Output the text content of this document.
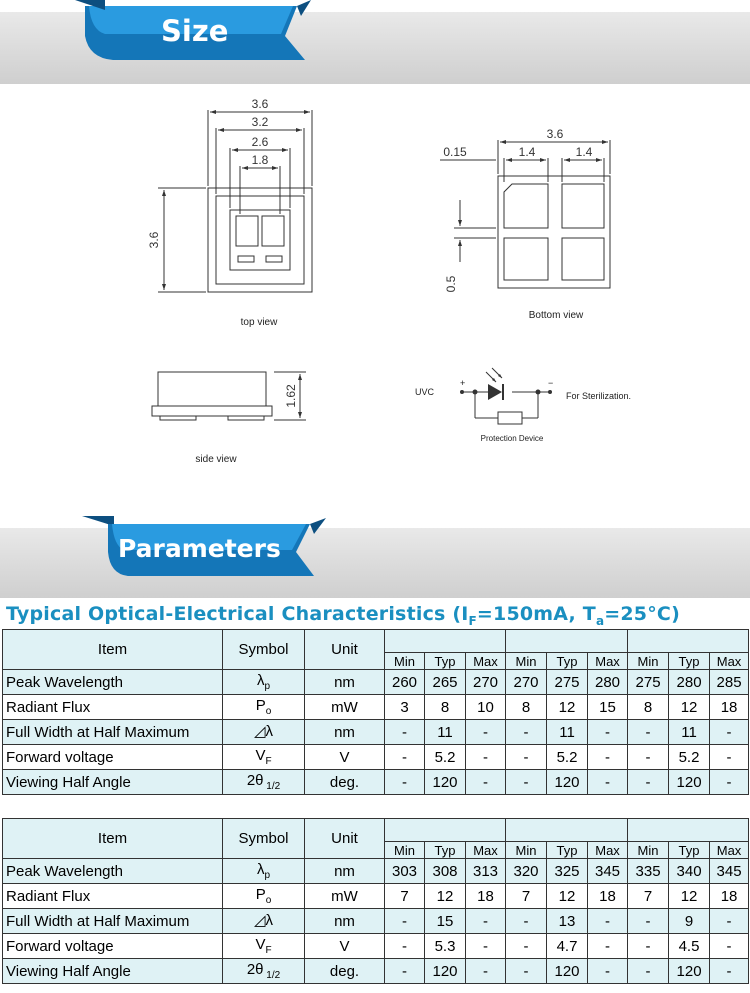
Size
3.6
3.2
2.6
1.8
3.6
3.6
0.15	1.4	1.4
0.5
1.62
top view
Bottom view
side view
UVC
+	−
For Sterilization.
Protection Device
Parameters
Typical Optical-Electrical Characteristics ($I_F=150mA$, $T_a=25^\circ C$)
Item	Symbol	Unit									
			Min	Typ	Max	Min	Typ	Max	Min	Typ	Max
Peak Wavelength	$\lambda_p$	nm	260	265	270	270	275	280	275	280	285
Radiant Flux	$P_o$	mW	3	8	10	8	12	15	8	12	18
Full Width at Half Maximum	◿λ	nm	-	11	-	-	11	-	-	11	-
Forward voltage	$V_F$	V	-	5.2	-	-	5.2	-	-	5.2	-
Viewing Half Angle	2θ $_{1/2}$	deg.	-	120	-	-	120	-	-	120	-
Item	Symbol	Unit									
			Min	Typ	Max	Min	Typ	Max	Min	Typ	Max
Peak Wavelength	$\lambda_p$	nm	303	308	313	320	325	345	335	340	345
Radiant Flux	$P_o$	mW	7	12	18	7	12	18	7	12	18
Full Width at Half Maximum	◿λ	nm	-	15	-	-	13	-	-	9	-
Forward voltage	$V_F$	V	-	5.3	-	-	4.7	-	-	4.5	-
Viewing Half Angle	2θ $_{1/2}$	deg.	-	120	-	-	120	-	-	120	-
